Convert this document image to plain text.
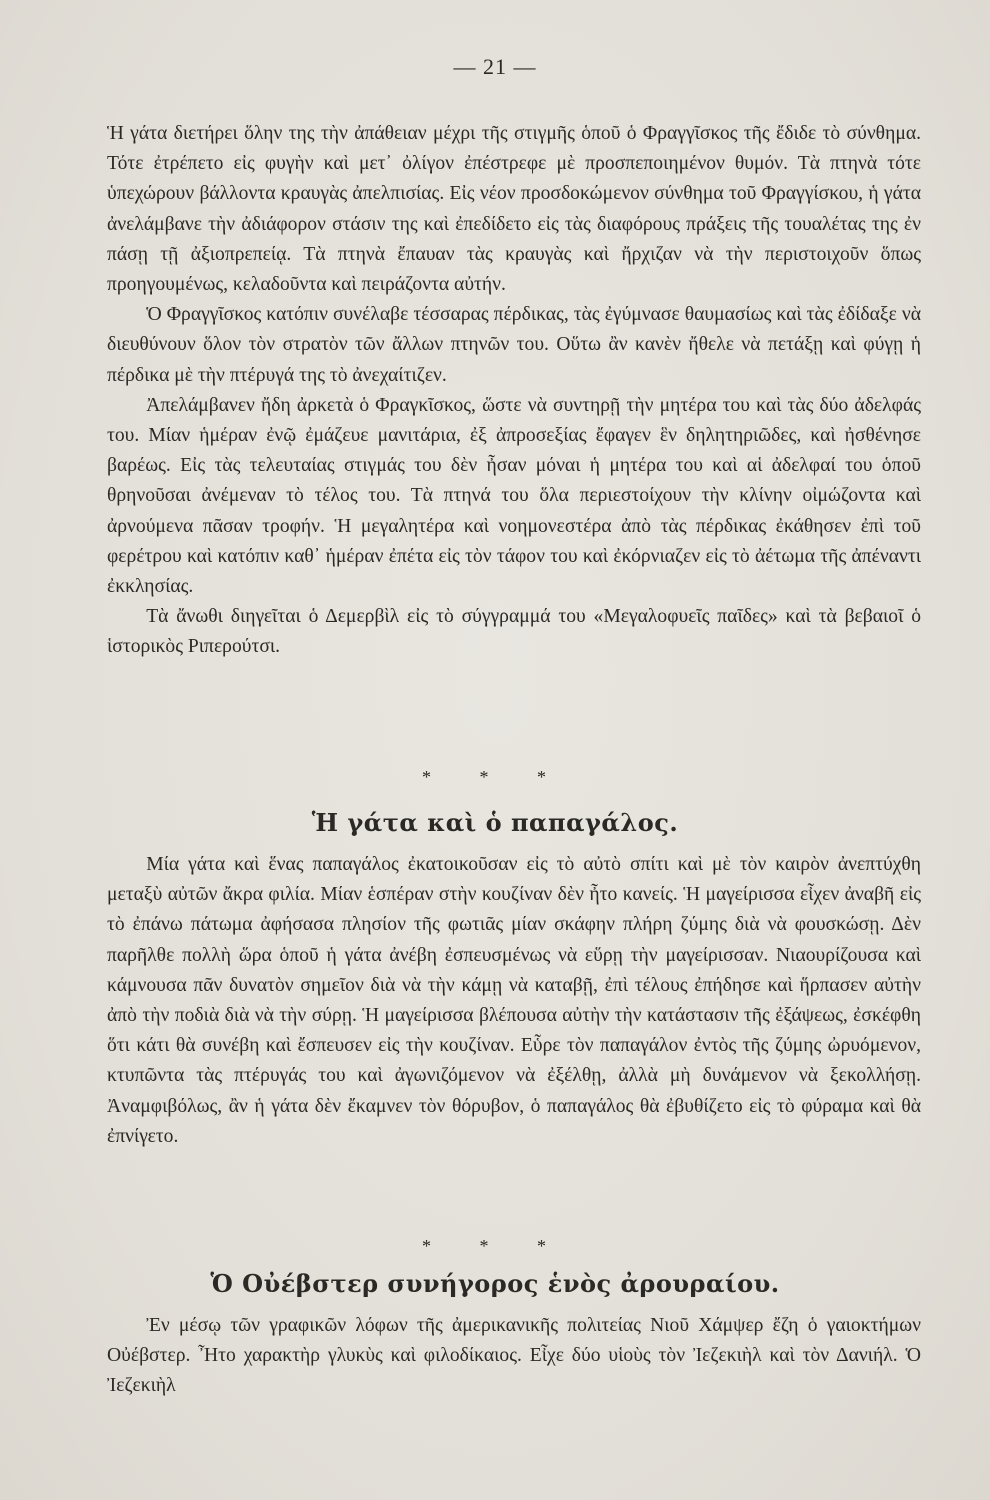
— 21 —

Ἡ γάτα διετήρει ὅλην της τὴν ἀπάθειαν μέχρι τῆς στιγμῆς ὁποῦ ὁ Φραγγῖσκος τῆς ἔδιδε τὸ σύνθημα. Τότε ἐτρέπετο εἰς φυγὴν καὶ μετ᾽ ὀλίγον ἐπέστρεφε μὲ προσπεποιημένον θυμόν. Τὰ πτηνὰ τότε ὑπεχώρουν βάλλοντα κραυγὰς ἀπελπισίας. Εἰς νέον προσδοκώμενον σύνθημα τοῦ Φραγγίσκου, ἡ γάτα ἀνελάμβανε τὴν ἀδιάφορον στάσιν της καὶ ἐπεδίδετο εἰς τὰς διαφόρους πράξεις τῆς τουαλέτας της ἐν πάσῃ τῇ ἀξιοπρεπείᾳ. Τὰ πτηνὰ ἔπαυαν τὰς κραυγὰς καὶ ἤρχιζαν νὰ τὴν περιστοιχοῦν ὅπως προηγουμένως, κελαδοῦντα καὶ πειράζοντα αὐτήν.

Ὁ Φραγγῖσκος κατόπιν συνέλαβε τέσσαρας πέρδικας, τὰς ἐγύμνασε θαυμασίως καὶ τὰς ἐδίδαξε νὰ διευθύνουν ὅλον τὸν στρατὸν τῶν ἄλλων πτηνῶν του. Οὕτω ἂν κανὲν ἤθελε νὰ πετάξῃ καὶ φύγῃ ἡ πέρδικα μὲ τὴν πτέρυγά της τὸ ἀνεχαίτιζεν.

Ἀπελάμβανεν ἤδη ἀρκετὰ ὁ Φραγκῖσκος, ὥστε νὰ συντηρῇ τὴν μητέρα του καὶ τὰς δύο ἀδελφάς του. Μίαν ἡμέραν ἐνῷ ἐμάζευε μανιτάρια, ἐξ ἀπροσεξίας ἔφαγεν ἓν δηλητηριῶδες, καὶ ἠσθένησε βαρέως. Εἰς τὰς τελευταίας στιγμάς του δὲν ἦσαν μόναι ἡ μητέρα του καὶ αἱ ἀδελφαί του ὁποῦ θρηνοῦσαι ἀνέμεναν τὸ τέλος του. Τὰ πτηνά του ὅλα περιεστοίχουν τὴν κλίνην οἰμώζοντα καὶ ἀρνούμενα πᾶσαν τροφήν. Ἡ μεγαλητέρα καὶ νοημονεστέρα ἀπὸ τὰς πέρδικας ἐκάθησεν ἐπὶ τοῦ φερέτρου καὶ κατόπιν καθ᾽ ἡμέραν ἐπέτα εἰς τὸν τάφον του καὶ ἐκόρνιαζεν εἰς τὸ ἀέτωμα τῆς ἀπέναντι ἐκκλησίας.

Τὰ ἄνωθι διηγεῖται ὁ Δεμερβὶλ εἰς τὸ σύγγραμμά του «Μεγαλοφυεῖς παῖδες» καὶ τὰ βεβαιοῖ ὁ ἱστορικὸς Ριπερούτσι.

* * *
Ἡ γάτα καὶ ὁ παπαγάλος.

Μία γάτα καὶ ἕνας παπαγάλος ἐκατοικοῦσαν εἰς τὸ αὐτὸ σπίτι καὶ μὲ τὸν καιρὸν ἀνεπτύχθη μεταξὺ αὐτῶν ἄκρα φιλία. Μίαν ἑσπέραν στὴν κουζίναν δὲν ἦτο κανείς. Ἡ μαγείρισσα εἶχεν ἀναβῆ εἰς τὸ ἐπάνω πάτωμα ἀφήσασα πλησίον τῆς φωτιᾶς μίαν σκάφην πλήρη ζύμης διὰ νὰ φουσκώσῃ. Δὲν παρῆλθε πολλὴ ὥρα ὁποῦ ἡ γάτα ἀνέβη ἐσπευσμένως νὰ εὕρῃ τὴν μαγείρισσαν. Νιαουρίζουσα καὶ κάμνουσα πᾶν δυνατὸν σημεῖον διὰ νὰ τὴν κάμῃ νὰ καταβῇ, ἐπὶ τέλους ἐπήδησε καὶ ἥρπασεν αὐτὴν ἀπὸ τὴν ποδιὰ διὰ νὰ τὴν σύρῃ. Ἡ μαγείρισσα βλέπουσα αὐτὴν τὴν κατάστασιν τῆς ἐξάψεως, ἐσκέφθη ὅτι κάτι θὰ συνέβη καὶ ἔσπευσεν εἰς τὴν κουζίναν. Εὗρε τὸν παπαγάλον ἐντὸς τῆς ζύμης ὠρυόμενον, κτυπῶντα τὰς πτέρυγάς του καὶ ἀγωνιζόμενον νὰ ἐξέλθῃ, ἀλλὰ μὴ δυνάμενον νὰ ξεκολλήσῃ. Ἀναμφιβόλως, ἂν ἡ γάτα δὲν ἔκαμνεν τὸν θόρυβον, ὁ παπαγάλος θὰ ἐβυθίζετο εἰς τὸ φύραμα καὶ θὰ ἐπνίγετο.

* * *
Ὁ Οὐέβστερ συνήγορος ἑνὸς ἀρουραίου.

Ἐν μέσῳ τῶν γραφικῶν λόφων τῆς ἀμερικανικῆς πολιτείας Νιοῦ Χάμψερ ἔζη ὁ γαιοκτήμων Οὐέβστερ. Ἦτο χαρακτὴρ γλυκὺς καὶ φιλοδίκαιος. Εἶχε δύο υἱοὺς τὸν Ἰεζεκιὴλ καὶ τὸν Δανιήλ. Ὁ Ἰεζεκιὴλ
